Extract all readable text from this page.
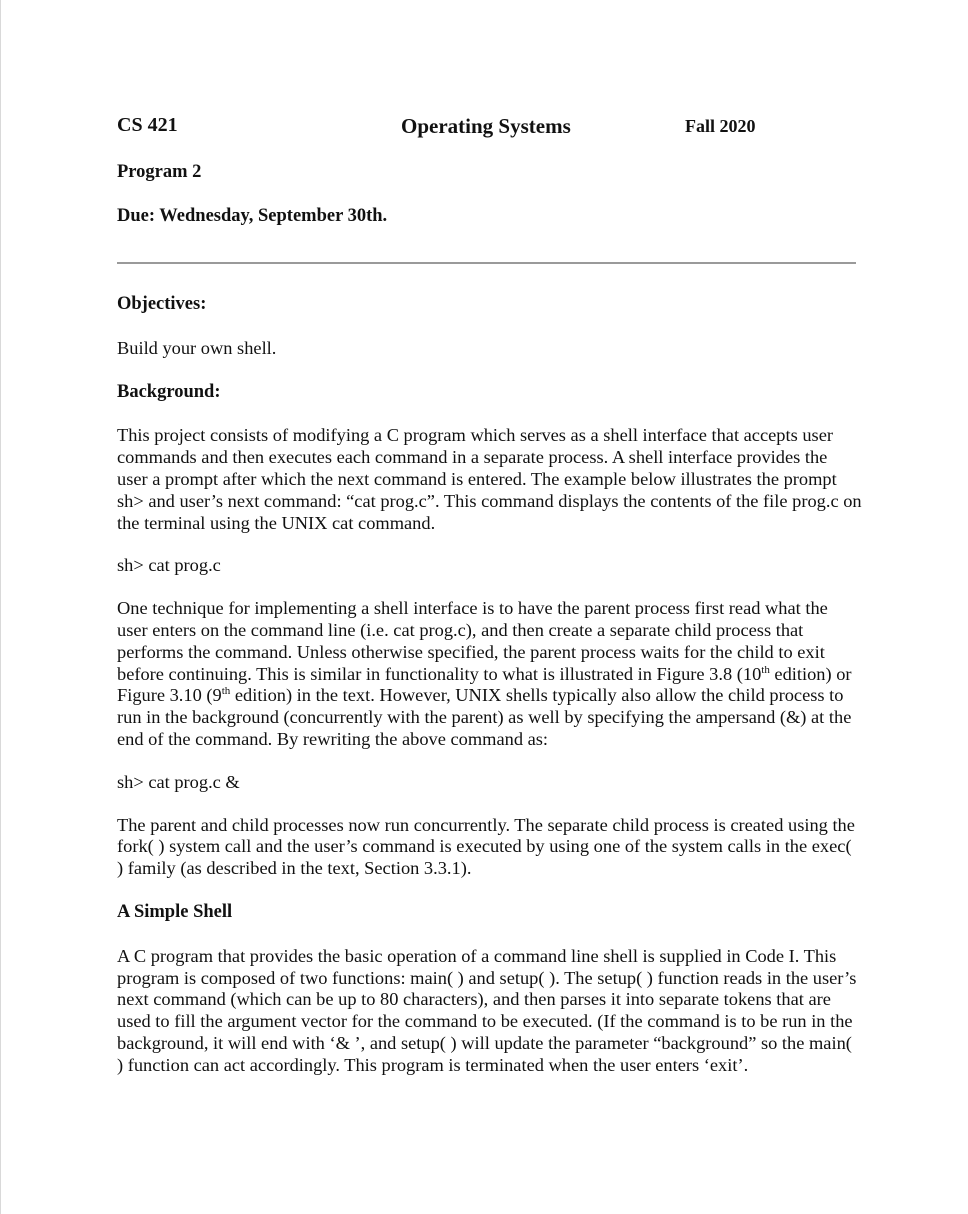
CS 421	Operating Systems	Fall 2020
Program 2
Due: Wednesday, September 30th.
Objectives:

Build your own shell.

Background:

This project consists of modifying a C program which serves as a shell interface that accepts user commands and then executes each command in a separate process. A shell interface provides the user a prompt after which the next command is entered. The example below illustrates the prompt sh> and user’s next command: “cat prog.c”. This command displays the contents of the file prog.c on the terminal using the UNIX cat command.

sh> cat prog.c

One technique for implementing a shell interface is to have the parent process first read what the user enters on the command line (i.e. cat prog.c), and then create a separate child process that performs the command. Unless otherwise specified, the parent process waits for the child to exit before continuing. This is similar in functionality to what is illustrated in Figure 3.8 (10th edition) or Figure 3.10 (9th edition) in the text. However, UNIX shells typically also allow the child process to run in the background (concurrently with the parent) as well by specifying the ampersand (&) at the end of the command. By rewriting the above command as:

sh> cat prog.c &

The parent and child processes now run concurrently. The separate child process is created using the fork( ) system call and the user’s command is executed by using one of the system calls in the exec( ) family (as described in the text, Section 3.3.1).

A Simple Shell

A C program that provides the basic operation of a command line shell is supplied in Code I. This program is composed of two functions: main( ) and setup( ). The setup( ) function reads in the user’s next command (which can be up to 80 characters), and then parses it into separate tokens that are used to fill the argument vector for the command to be executed. (If the command is to be run in the background, it will end with ‘& ’, and setup( ) will update the parameter “background” so the main( ) function can act accordingly. This program is terminated when the user enters ‘exit’.
